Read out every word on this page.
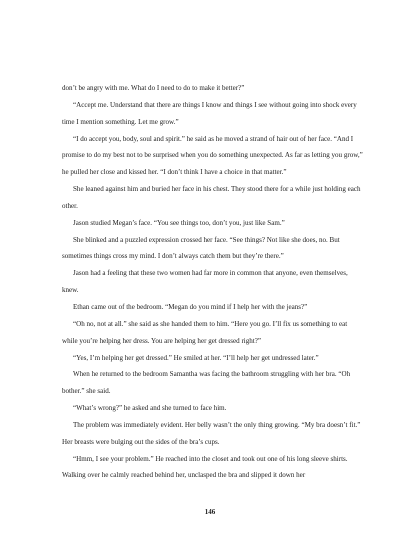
don’t be angry with me. What do I need to do to make it better?”

“Accept me. Understand that there are things I know and things I see without going into shock every time I mention something. Let me grow.”

“I do accept you, body, soul and spirit.” he said as he moved a strand of hair out of her face. “And I promise to do my best not to be surprised when you do something unexpected. As far as letting you grow,” he pulled her close and kissed her. “I don’t think I have a choice in that matter.”

She leaned against him and buried her face in his chest. They stood there for a while just holding each other.

Jason studied Megan’s face. “You see things too, don’t you, just like Sam.”

She blinked and a puzzled expression crossed her face. “See things? Not like she does, no. But sometimes things cross my mind. I don’t always catch them but they’re there.”

Jason had a feeling that these two women had far more in common that anyone, even themselves, knew.

Ethan came out of the bedroom. “Megan do you mind if I help her with the jeans?”

“Oh no, not at all.” she said as she handed them to him. “Here you go. I’ll fix us something to eat while you’re helping her dress. You are helping her get dressed right?”

“Yes, I’m helping her get dressed.” He smiled at her. “I’ll help her get undressed later.”

When he returned to the bedroom Samantha was facing the bathroom struggling with her bra. “Oh bother.” she said.

“What’s wrong?” he asked and she turned to face him.

The problem was immediately evident. Her belly wasn’t the only thing growing. “My bra doesn’t fit.” Her breasts were bulging out the sides of the bra’s cups.

“Hmm, I see your problem.” He reached into the closet and took out one of his long sleeve shirts. Walking over he calmly reached behind her, unclasped the bra and slipped it down her

146
